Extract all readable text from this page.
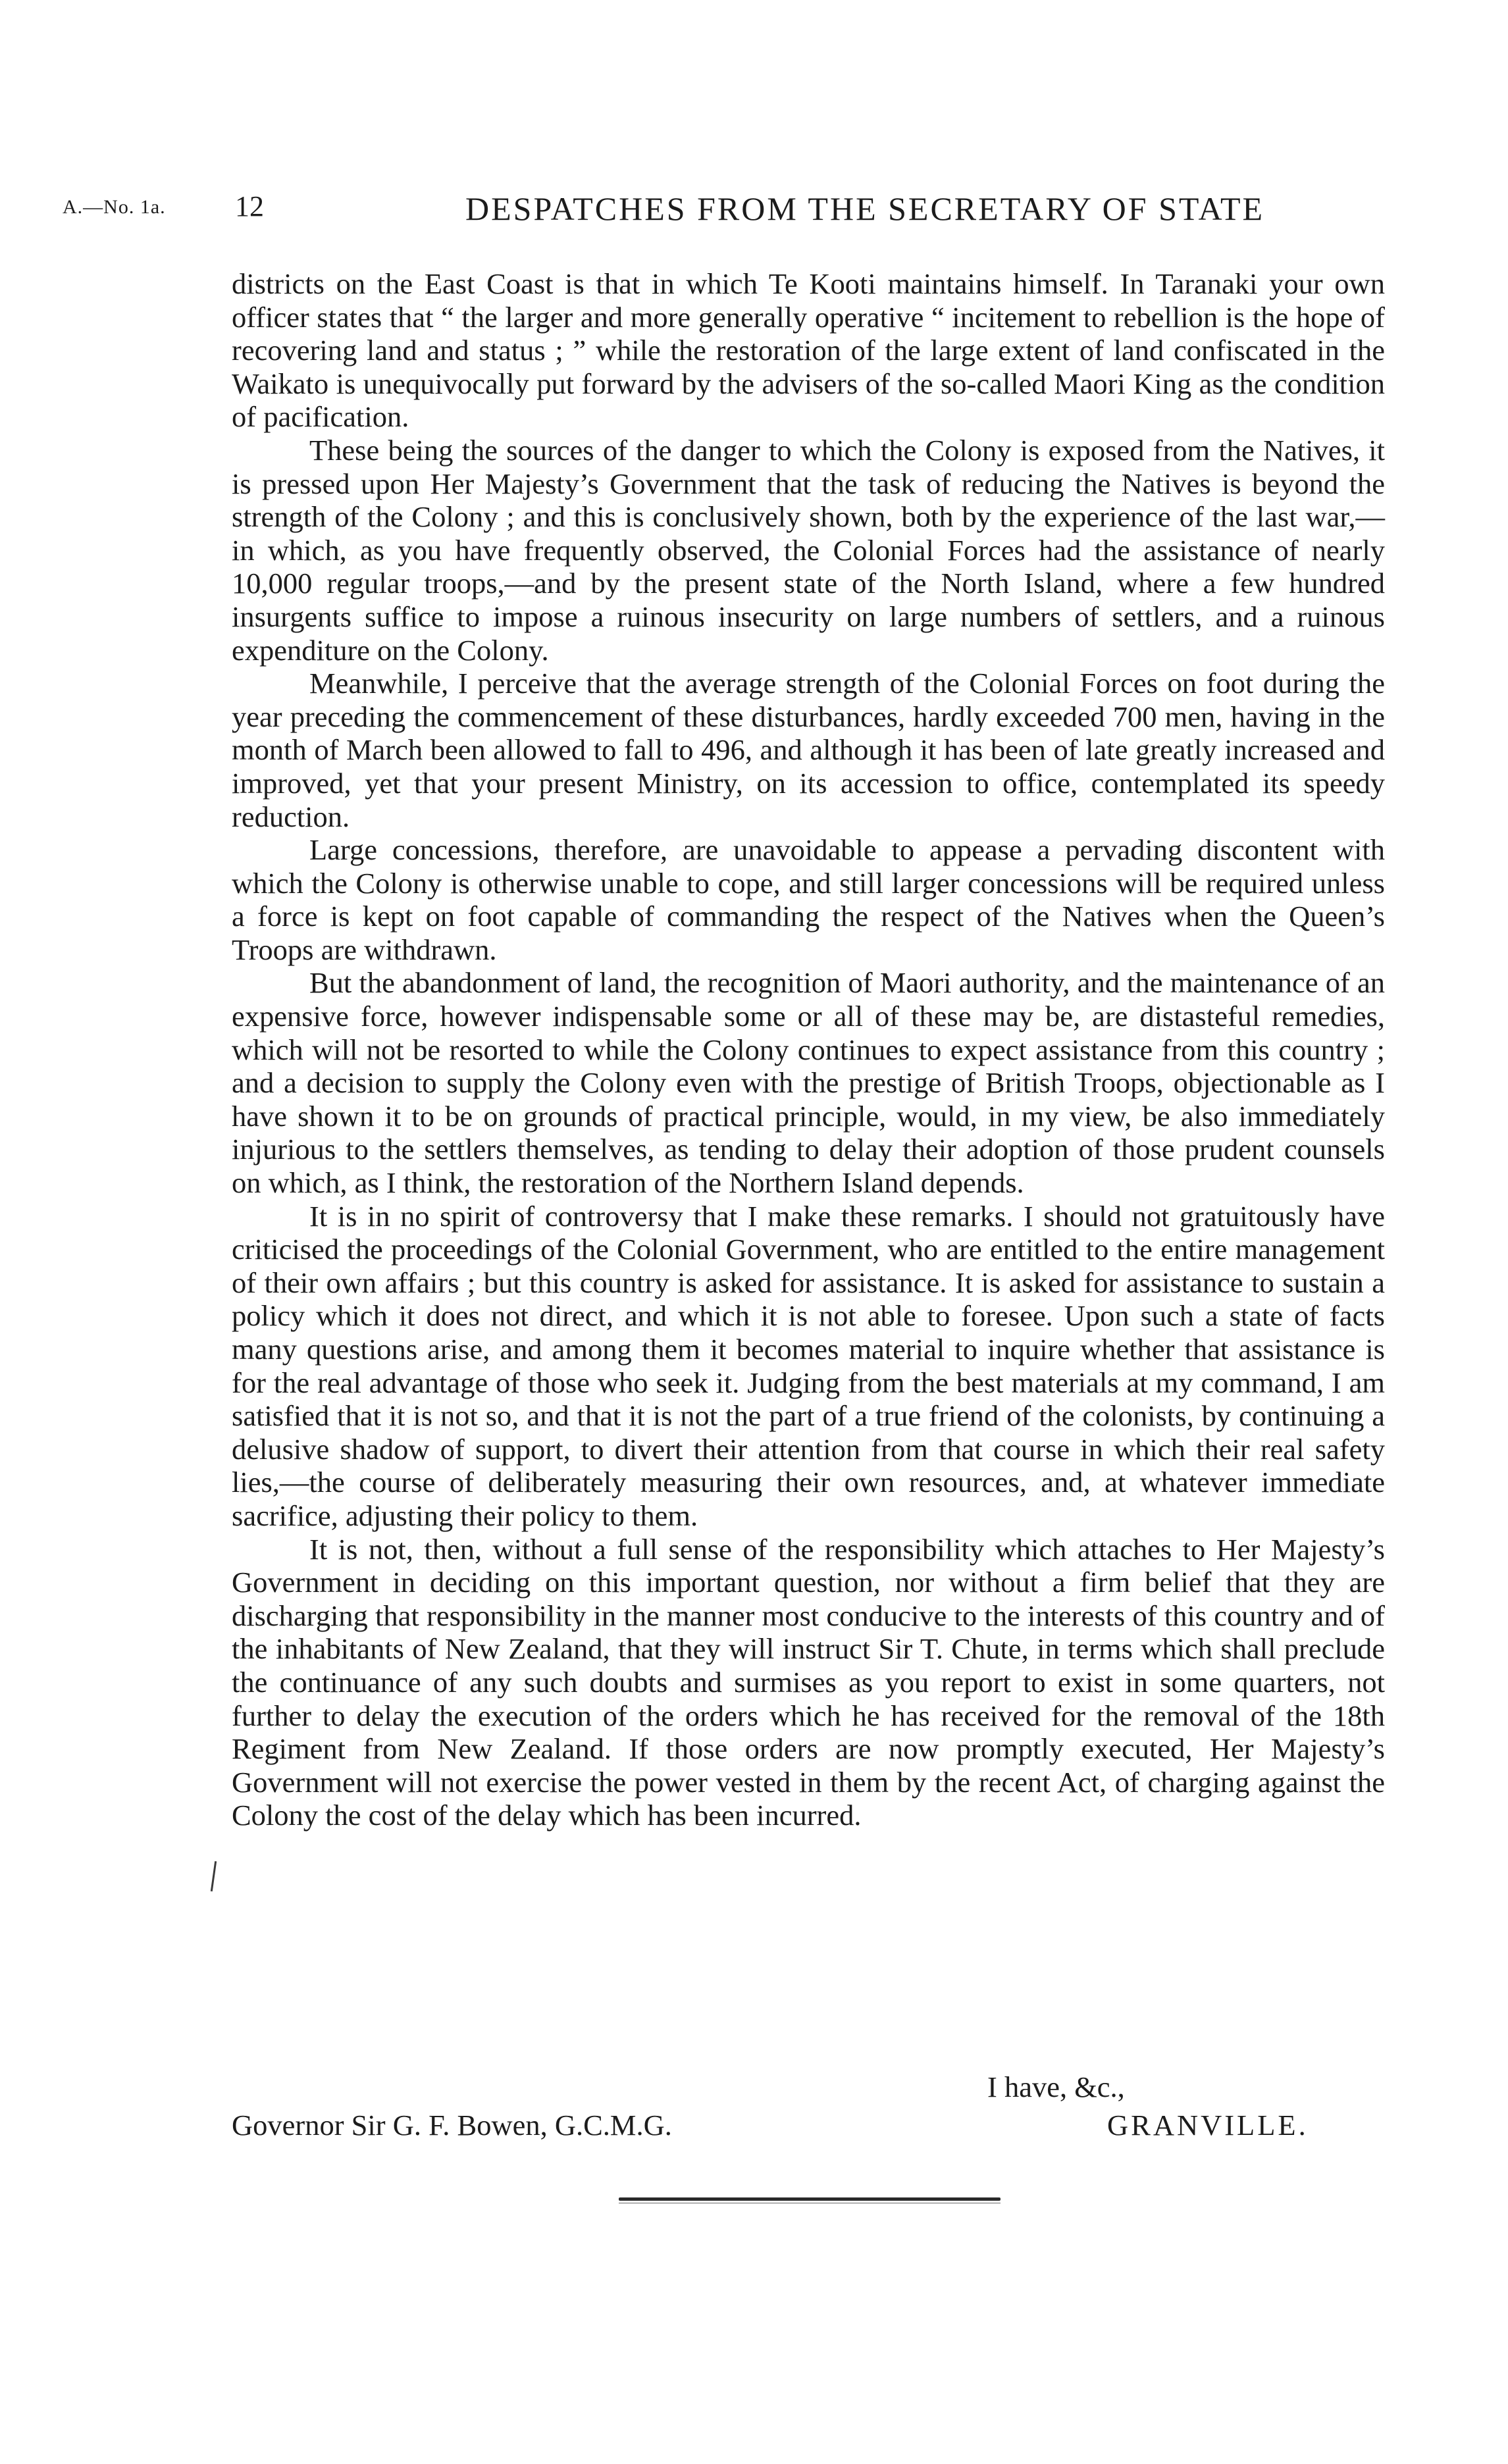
A.—No. 1a. 12	DESPATCHES FROM THE SECRETARY OF STATE

districts on the East Coast is that in which Te Kooti maintains himself. In Taranaki your own officer states that “ the larger and more generally operative “ incitement to rebellion is the hope of recovering land and status ; ” while the restoration of the large extent of land confiscated in the Waikato is unequivocally put forward by the advisers of the so-called Maori King as the condition of pacification.

These being the sources of the danger to which the Colony is exposed from the Natives, it is pressed upon Her Majesty’s Government that the task of reducing the Natives is beyond the strength of the Colony ; and this is conclusively shown, both by the experience of the last war,—in which, as you have frequently observed, the Colonial Forces had the assistance of nearly 10,000 regular troops,—and by the present state of the North Island, where a few hundred insurgents suffice to impose a ruinous insecurity on large numbers of settlers, and a ruinous expenditure on the Colony.

Meanwhile, I perceive that the average strength of the Colonial Forces on foot during the year preceding the commencement of these disturbances, hardly exceeded 700 men, having in the month of March been allowed to fall to 496, and although it has been of late greatly increased and improved, yet that your present Ministry, on its accession to office, contemplated its speedy reduction.

Large concessions, therefore, are unavoidable to appease a pervading discontent with which the Colony is otherwise unable to cope, and still larger concessions will be required unless a force is kept on foot capable of commanding the respect of the Natives when the Queen’s Troops are withdrawn.

But the abandonment of land, the recognition of Maori authority, and the maintenance of an expensive force, however indispensable some or all of these may be, are distasteful remedies, which will not be resorted to while the Colony continues to expect assistance from this country ; and a decision to supply the Colony even with the prestige of British Troops, objectionable as I have shown it to be on grounds of practical principle, would, in my view, be also immediately injurious to the settlers themselves, as tending to delay their adoption of those prudent counsels on which, as I think, the restoration of the Northern Island depends.

It is in no spirit of controversy that I make these remarks. I should not gratuitously have criticised the proceedings of the Colonial Government, who are entitled to the entire management of their own affairs ; but this country is asked for assistance. It is asked for assistance to sustain a policy which it does not direct, and which it is not able to foresee. Upon such a state of facts many questions arise, and among them it becomes material to inquire whether that assistance is for the real advantage of those who seek it. Judging from the best materials at my command, I am satisfied that it is not so, and that it is not the part of a true friend of the colonists, by continuing a delusive shadow of support, to divert their attention from that course in which their real safety lies,—the course of deliberately measuring their own resources, and, at whatever immediate sacrifice, adjusting their policy to them.

It is not, then, without a full sense of the responsibility which attaches to Her Majesty’s Government in deciding on this important question, nor without a firm belief that they are discharging that responsibility in the manner most conducive to the interests of this country and of the inhabitants of New Zealand, that they will instruct Sir T. Chute, in terms which shall preclude the continuance of any such doubts and surmises as you report to exist in some quarters, not further to delay the execution of the orders which he has received for the removal of the 18th Regiment from New Zealand. If those orders are now promptly executed, Her Majesty’s Government will not exercise the power vested in them by the recent Act, of charging against the Colony the cost of the delay which has been incurred.

I have, &c.,
Governor Sir G. F. Bowen, G.C.M.G.	GRANVILLE.
